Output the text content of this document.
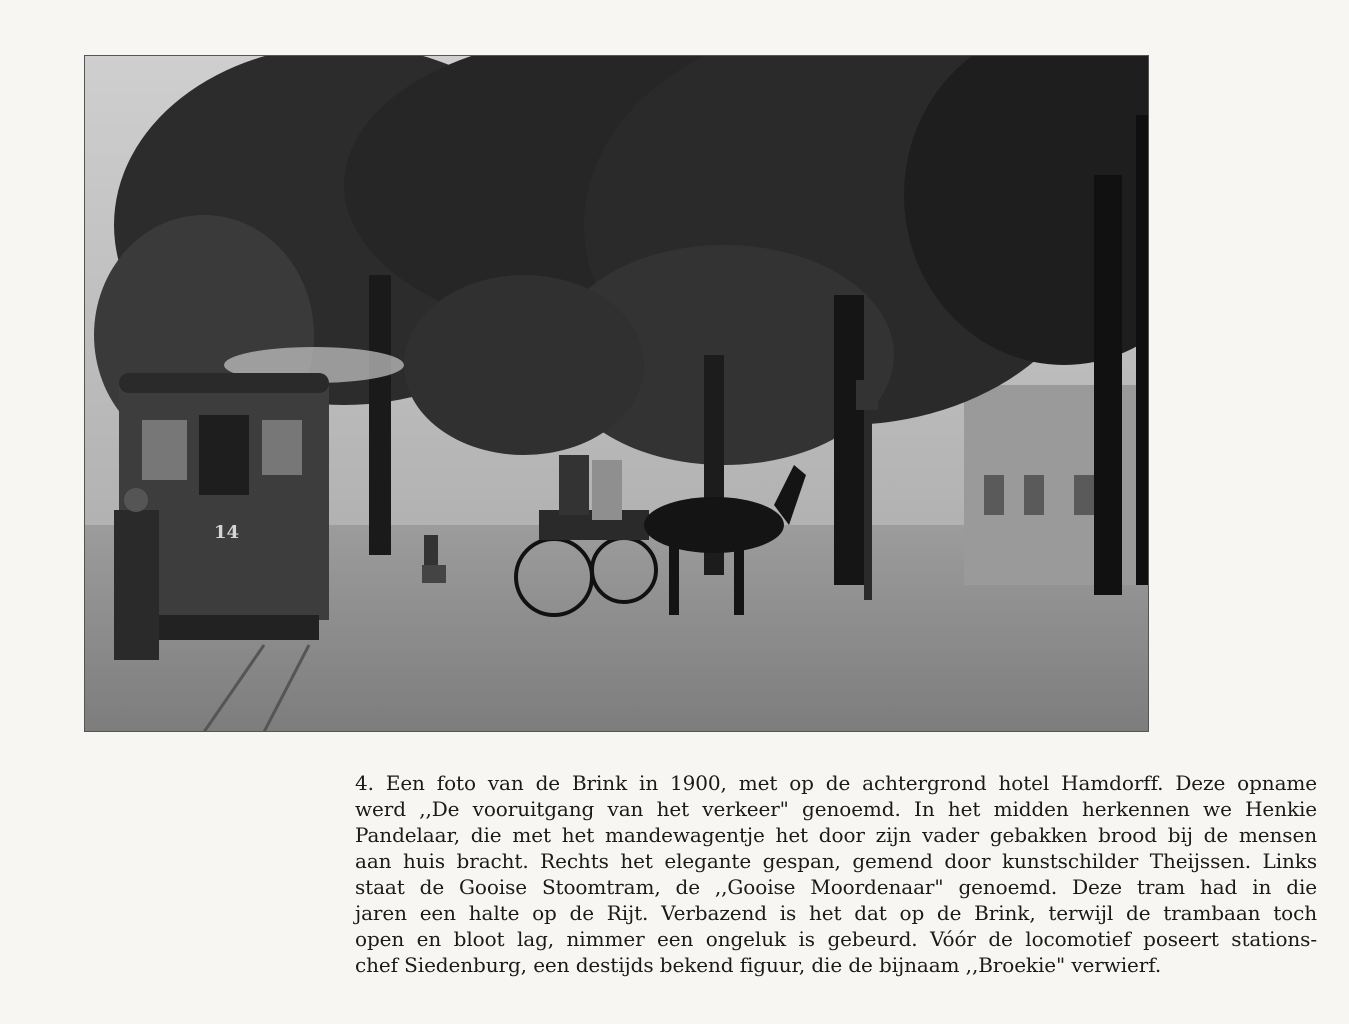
14
4. Een foto van de Brink in 1900, met op de achtergrond hotel Hamdorff. Deze opname
werd ,,De vooruitgang van het verkeer" genoemd. In het midden herkennen we Henkie
Pandelaar, die met het mandewagentje het door zijn vader gebakken brood bij de mensen
aan huis bracht. Rechts het elegante gespan, gemend door kunstschilder Theijssen. Links
staat de Gooise Stoomtram, de ,,Gooise Moordenaar" genoemd. Deze tram had in die
jaren een halte op de Rijt. Verbazend is het dat op de Brink, terwijl de trambaan toch
open en bloot lag, nimmer een ongeluk is gebeurd. Vóór de locomotief poseert stations-
chef Siedenburg, een destijds bekend figuur, die de bijnaam ,,Broekie" verwierf.
